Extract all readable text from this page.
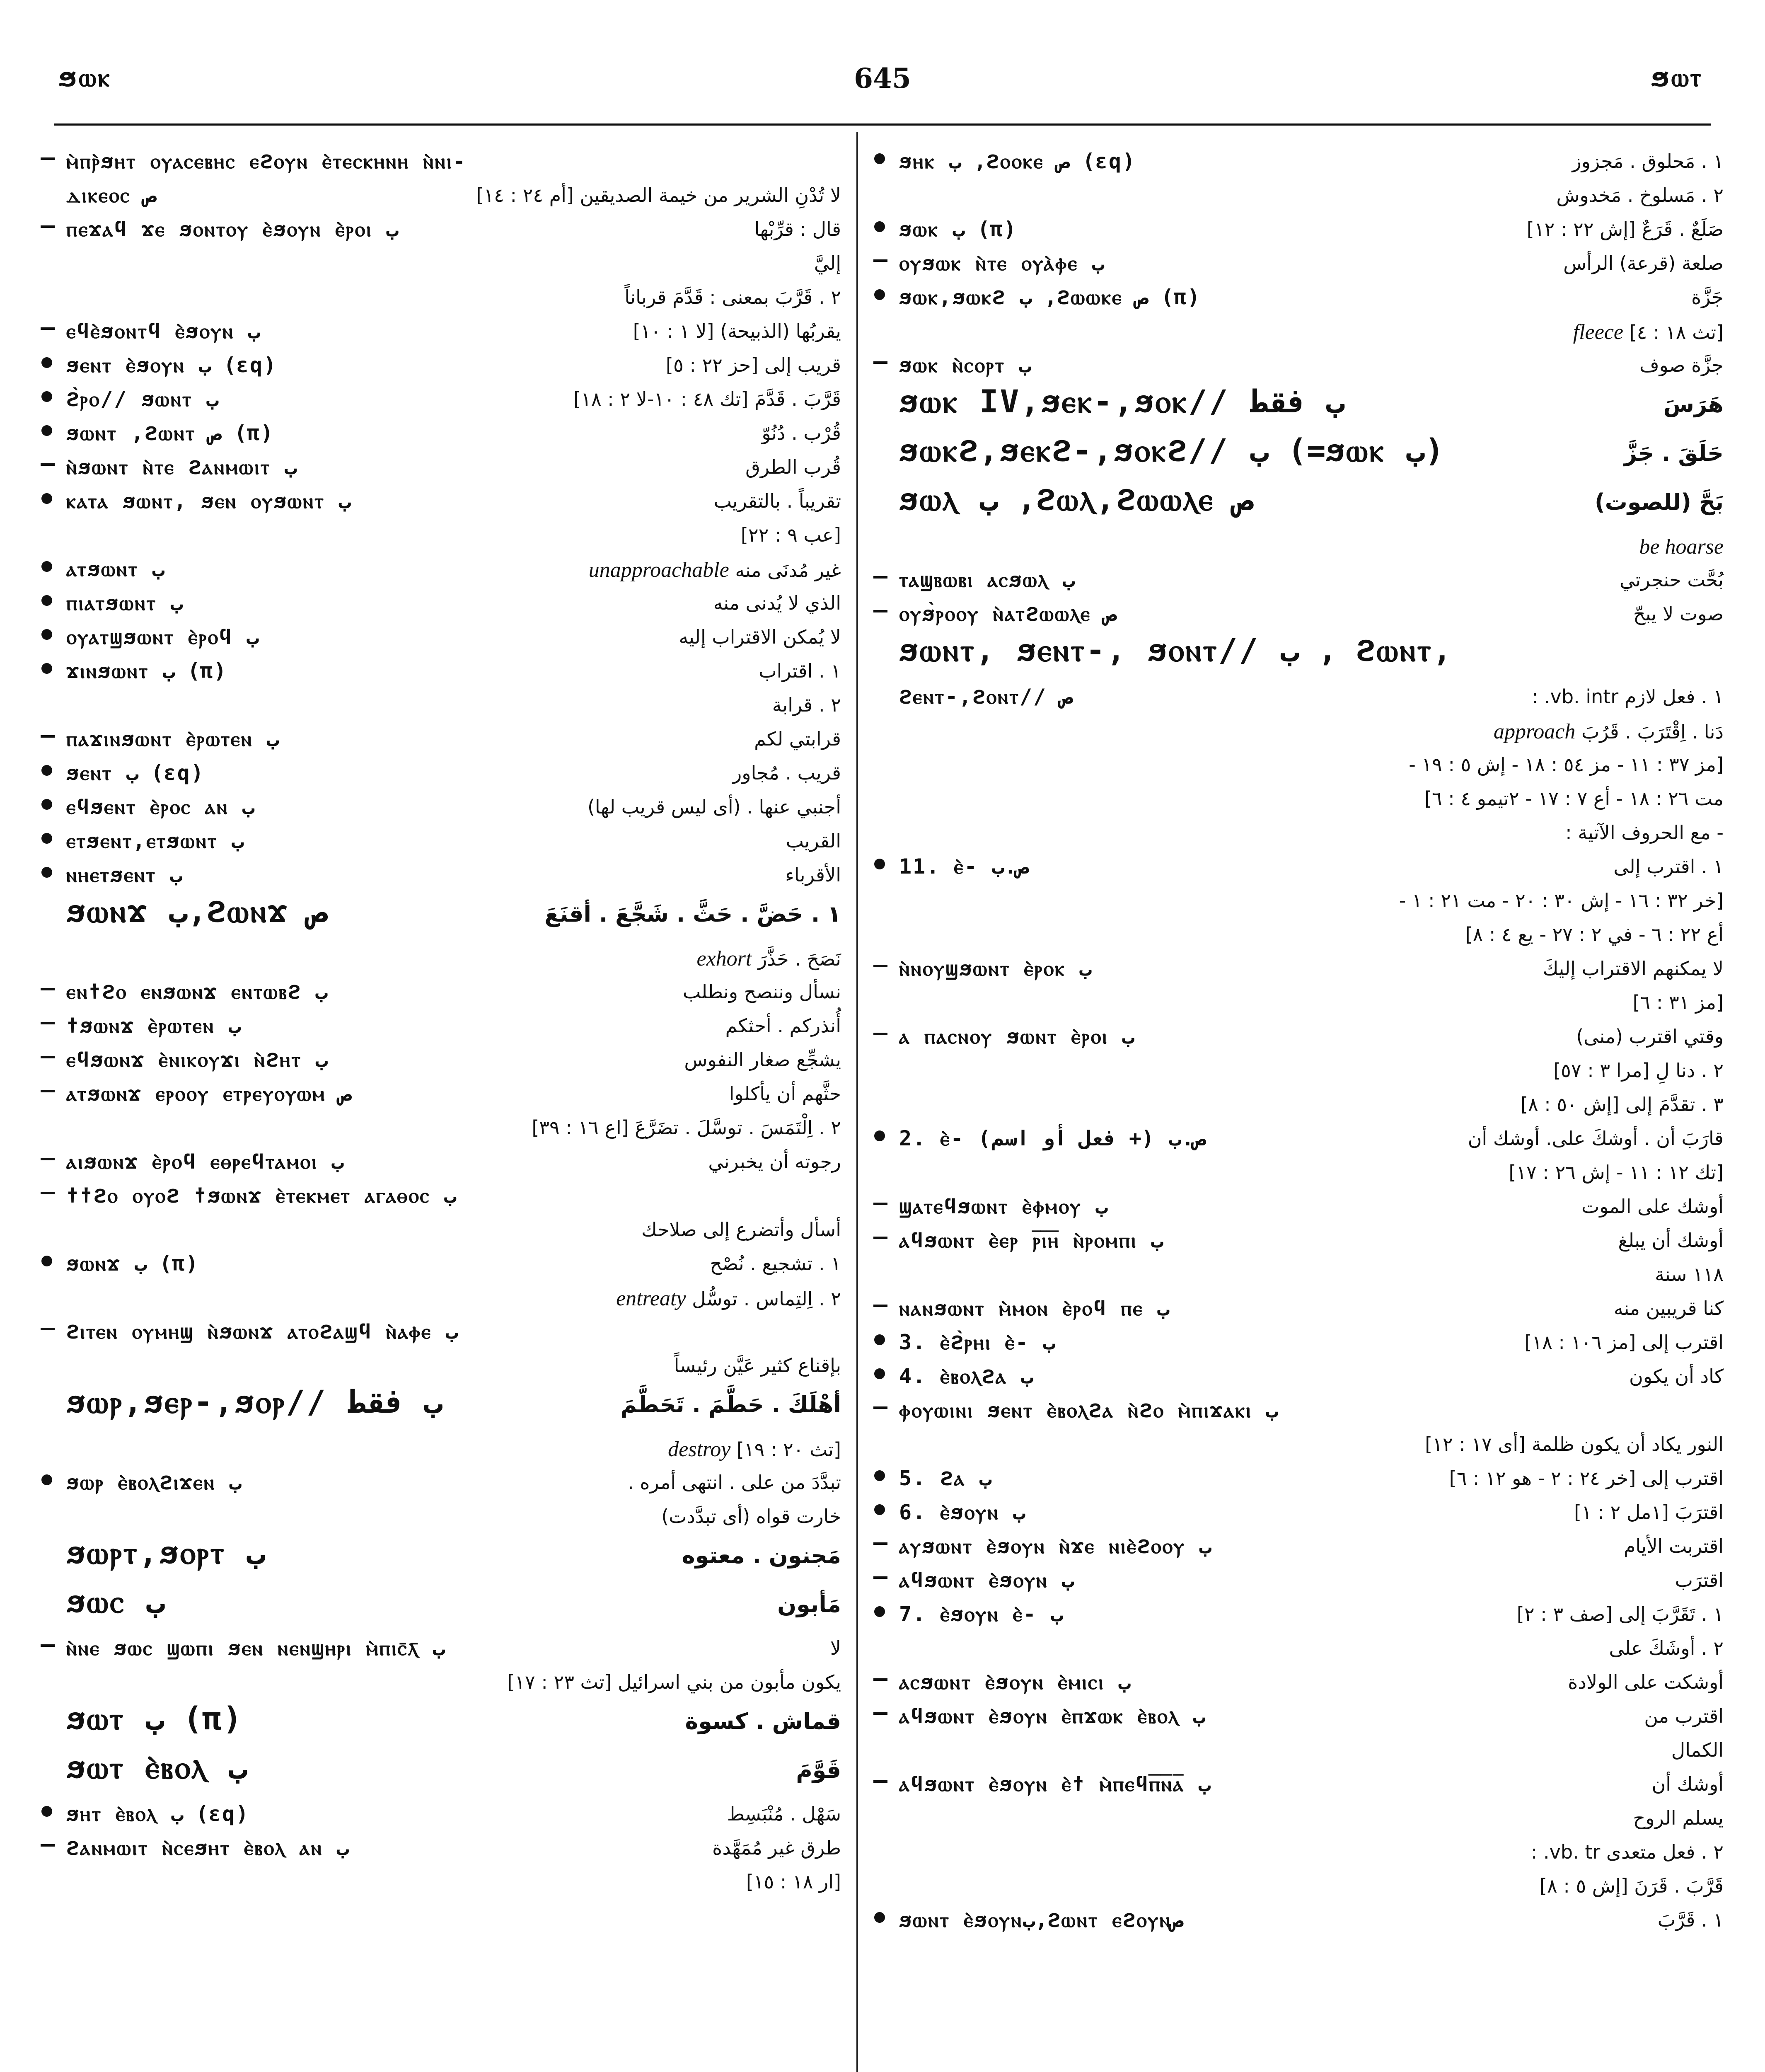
ϧⲱⲕ	645	ϧⲱⲧ
ⲙ̀ⲡⲣ̀ϧⲏⲧ ⲟⲩⲁⲥⲉⲃⲏⲥ ⲉϩⲟⲩⲛ ⲉ̀ⲧⲉⲥⲕⲏⲛⲏ ⲛ̀ⲛⲓ-
ⲇⲓⲕⲉⲟⲥ ص	لا تُدْنِ الشرير من خيمة الصديقين [أم ٢٤ : ١٤]
ⲡⲉϫⲁϥ ϫⲉ ϧⲟⲛⲧⲟⲩ ⲉ̀ϧⲟⲩⲛ ⲉ̀ⲣⲟⲓ ب	قال : قرِّبْها
إليَّ
٢ . قَرَّبَ بمعنى : قَدَّمَ قرباناً
ⲉϥⲉ̀ϧⲟⲛⲧϥ ⲉ̀ϧⲟⲩⲛ ب	يقربُها (الذبيحة) [لا ١ : ١٠]
ϧⲉⲛⲧ ⲉ̀ϧⲟⲩⲛ ب (εq)	قريب إلى [حز ٢٢ : ٥]
ϩ̀ⲣⲟ// ϧⲱⲛⲧ ب	قَرَّبَ . قَدَّمَ [تك ٤٨ : ١٠-لا ٢ : ١٨]
ϧⲱⲛⲧ ,ϩⲱⲛⲧ ص (π)	قُرْب . دُنُوّ
ⲛ̀ϧⲱⲛⲧ ⲛ̀ⲧⲉ ϩⲁⲛⲙⲱⲓⲧ ب	قُرب الطرق
ⲕⲁⲧⲁ ϧⲱⲛⲧ, ϧⲉⲛ ⲟⲩϧⲱⲛⲧ ب	تقريباً . بالتقريب
[عب ٩ : ٢٢]
ⲁⲧϧⲱⲛⲧ ب	غير مُدنَى منه unapproachable
ⲡⲓⲁⲧϧⲱⲛⲧ ب	الذي لا يُدنى منه
ⲟⲩⲁⲧϣϧⲱⲛⲧ ⲉ̀ⲣⲟϥ ب	لا يُمكن الاقتراب إليه
ϫⲓⲛϧⲱⲛⲧ ب (π)	١ . اقتراب
٢ . قرابة
ⲡⲁϫⲓⲛϧⲱⲛⲧ ⲉ̀ⲣⲱⲧⲉⲛ ب	قرابتي لكم
ϧⲉⲛⲧ ب (εq)	قريب . مُجاور
ⲉϥϧⲉⲛⲧ ⲉ̀ⲣⲟⲥ ⲁⲛ ب	أجنبي عنها . (أى ليس قريب لها)
ⲉⲧϧⲉⲛⲧ,ⲉⲧϧⲱⲛⲧ ب	القريب
ⲛⲏⲉⲧϧⲉⲛⲧ ب	الأقرباء
ϧⲱⲛϫ ب,ϩⲱⲛϫ ص	١ . حَضَّ . حَثَّ . شَجَّعَ . أقنَعَ
نَصَحَ . حَذَّرَ exhort
ⲉⲛϯϩⲟ ⲉⲛϧⲱⲛϫ ⲉⲛⲧⲱⲃϩ ب	نسأل وننصح ونطلب
ϯϧⲱⲛϫ ⲉ̀ⲣⲱⲧⲉⲛ ب	أُنذركم . أحثكم
ⲉϥϧⲱⲛϫ ⲉ̀ⲛⲓⲕⲟⲩϫⲓ ⲛ̀ϩⲏⲧ ب	يشجِّع صغار النفوس
ⲁⲧϧⲱⲛϫ ⲉⲣⲟⲟⲩ ⲉⲧⲣⲉⲩⲟⲩⲱⲙ ص	حثَّهم أن يأكلوا
٢ . اِلْتَمَسَ . توسَّلَ . تضَرَّعَ [اع ١٦ : ٣٩]
ⲁⲓϧⲱⲛϫ ⲉ̀ⲣⲟϥ ⲉⲑⲣⲉϥⲧⲁⲙⲟⲓ ب	رجوته أن يخبرني
ϯϯϩⲟ ⲟⲩⲟϩ ϯϧⲱⲛϫ ⲉ̀ⲧⲉⲕⲙⲉⲧ ⲁⲅⲁⲑⲟⲥ ب
أسأل وأتضرع إلى صلاحك
ϧⲱⲛϫ ب (π)	١ . تشجيع . نُصْح
٢ . اِلتِماس . توسُّل entreaty
ϩⲓⲧⲉⲛ ⲟⲩⲙⲏϣ ⲛ̀ϧⲱⲛϫ ⲁⲧⲟϩⲁϣϥ ⲛ̀ⲁⲫⲉ ب
بإقناع كثير عَيَّن رئيساً
ϧⲱⲣ,ϧⲉⲣ-,ϧⲟⲣ// ب فقط	أهْلَكَ . حَطَّمَ . تَحَطَّمَ
[تث ٢٠ : ١٩] destroy
ϧⲱⲣ ⲉ̀ⲃⲟⲗϩⲓϫⲉⲛ ب	تبدَّدَ من على . انتهى أمره .
خارت قواه (أى تبدَّدت)
ϧⲱⲣⲧ,ϧⲟⲣⲧ ب	مَجنون . معتوه
ϧⲱⲥ ب	مَأبون
ⲛ̀ⲛⲉ ϧⲱⲥ ϣⲱⲡⲓ ϧⲉⲛ ⲛⲉⲛϣⲏⲣⲓ ⲙ̀ⲡⲓⲥ̄ⲗ̄ ب	لا
يكون مأبون من بني اسرائيل [تث ٢٣ : ١٧]
ϧⲱⲧ ب (π)	قماش . كسوة
ϧⲱⲧ ⲉ̀ⲃⲟⲗ ب	قَوَّمَ
ϧⲏⲧ ⲉ̀ⲃⲟⲗ ب (εq)	سَهْل . مُنْبَسِط
ϩⲁⲛⲙⲱⲓⲧ ⲛ̀ⲥⲉϧⲏⲧ ⲉ̀ⲃⲟⲗ ⲁⲛ ب	طرق غير مُمَهَّدة
[ار ١٨ : ١٥]
ϧⲏⲕ ب ,ϩⲟⲟⲕⲉ ص (εq)	١ . مَحلوق . مَجزوز
٢ . مَسلوخ . مَخدوش
ϧⲱⲕ ب (π)	صَلَعٌ . قَرَعٌ [إش ٢٢ : ١٢]
ⲟⲩϧⲱⲕ ⲛ̀ⲧⲉ ⲟⲩⲁ̀ⲫⲉ ب	صلعة (قرعة) الرأس
ϧⲱⲕ,ϧⲱⲕϩ ب ,ϩⲱⲱⲕⲉ ص (π)	جَزَّة
[تث ١٨ : ٤] fleece
ϧⲱⲕ ⲛ̀ⲥⲟⲣⲧ ب	جزَّة صوف
ϧⲱⲕ IV,ϧⲉⲕ-,ϧⲟⲕ// ب فقط	هَرَسَ
ϧⲱⲕϩ,ϧⲉⲕϩ-,ϧⲟⲕϩ// ب (=ϧⲱⲕ ب)	حَلَقَ . جَزَّ
ϧⲱⲗ ب ,ϩⲱⲗ,ϩⲱⲱⲗⲉ ص	بَحَّ (للصوت)
be hoarse
ⲧⲁϣⲃⲱⲃⲓ ⲁⲥϧⲱⲗ ب	بُحَّت حنجرتي
ⲟⲩϧ̀ⲣⲟⲟⲩ ⲛ̀ⲁⲧϩⲱⲱⲗⲉ ص	صوت لا يبحّ
ϧⲱⲛⲧ, ϧⲉⲛⲧ-, ϧⲟⲛⲧ// ب , ϩⲱⲛⲧ,
ϩⲉⲛⲧ-,ϩⲟⲛⲧ// ص	١ . فعل لازم vb. intr. :
دَنا . اِقْتَرَبَ . قَرُبَ approach
[مز ٣٧ : ١١ - مز ٥٤ : ١٨ - إش ٥ : ١٩ -
مت ٢٦ : ١٨ - أع ٧ : ١٧ - ٢تيمو ٤ : ٦]
- مع الحروف الآتية :
11. ⲉ̀- ص.ب	١ . اقترب إلى
[خر ٣٢ : ١٦ - إش ٣٠ : ٢٠ - مت ٢١ : ١ -
أع ٢٢ : ٦ - في ٢ : ٢٧ - يع ٤ : ٨]
ⲛ̀ⲛⲟⲩϣϧⲱⲛⲧ ⲉ̀ⲣⲟⲕ ب	لا يمكنهم الاقتراب إليكَ
[مز ٣١ : ٦]
ⲁ ⲡⲁⲥⲛⲟⲩ ϧⲱⲛⲧ ⲉ̀ⲣⲟⲓ ب	وقتي اقترب (منى)
٢ . دنا لِ [مرا ٣ : ٥٧]
٣ . تقدَّمَ إلى [إش ٥٠ : ٨]
2. ⲉ̀- (فعل أو اسم +) ص.ب	قارَبَ أن . أوشكَ على. أوشك أن
[تك ١٢ : ١١ - إش ٢٦ : ١٧]
ϣⲁⲧⲉϥϧⲱⲛⲧ ⲉ̀ⲫⲙⲟⲩ ب	أوشك على الموت
ⲁϥϧⲱⲛⲧ ⲉ̀ⲉⲣ ⲣ̅ⲓ̅ⲏ̅ ⲛ̀ⲣⲟⲙⲡⲓ ب	أوشك أن يبلغ
١١٨ سنة
ⲛⲁⲛϧⲱⲛⲧ ⲙ̀ⲙⲟⲛ ⲉ̀ⲣⲟϥ ⲡⲉ ب	كنا قريبين منه
3. ⲉ̀ϩ̀ⲣⲏⲓ ⲉ̀- ب	اقترب إلى [مز ١٠٦ : ١٨]
4. ⲉ̀ⲃⲟⲗϩⲁ ب	كاد أن يكون
ⲫⲟⲩⲱⲓⲛⲓ ϧⲉⲛⲧ ⲉ̀ⲃⲟⲗϩⲁ ⲛ̀ϩⲟ ⲙ̀ⲡⲓϫⲁⲕⲓ ب
النور يكاد أن يكون ظلمة [أى ١٧ : ١٢]
5. ϩⲁ ب	اقترب إلى [خر ٢٤ : ٢ - هو ١٢ : ٦]
6. ⲉ̀ϧⲟⲩⲛ ب	اقترَبَ [١مل ٢ : ١]
ⲁⲩϧⲱⲛⲧ ⲉ̀ϧⲟⲩⲛ ⲛ̀ϫⲉ ⲛⲓⲉ̀ϩⲟⲟⲩ ب	اقتربت الأيام
ⲁϥϧⲱⲛⲧ ⲉ̀ϧⲟⲩⲛ ب	اقترَب
7. ⲉ̀ϧⲟⲩⲛ ⲉ̀- ب	١ . تَقَرَّبَ إلى [صف ٣ : ٢]
٢ . أوشَكَ على
ⲁⲥϧⲱⲛⲧ ⲉ̀ϧⲟⲩⲛ ⲉ̀ⲙⲓⲥⲓ ب	أوشكت على الولادة
ⲁϥϧⲱⲛⲧ ⲉ̀ϧⲟⲩⲛ ⲉ̀ⲡϫⲱⲕ ⲉ̀ⲃⲟⲗ ب	اقترب من
الكمال
ⲁϥϧⲱⲛⲧ ⲉ̀ϧⲟⲩⲛ ⲉ̀ϯ ⲙ̀ⲡⲉϥⲡ̅ⲛ̅ⲁ̅ ب	أوشك أن
يسلم الروح
٢ . فعل متعدى vb. tr. :
قَرَّبَ . قَرَنَ [إش ٥ : ٨]
ϧⲱⲛⲧ ⲉ̀ϧⲟⲩⲛب,ϩⲱⲛⲧ ⲉϩⲟⲩⲛص	١ . قَرَّبَ
